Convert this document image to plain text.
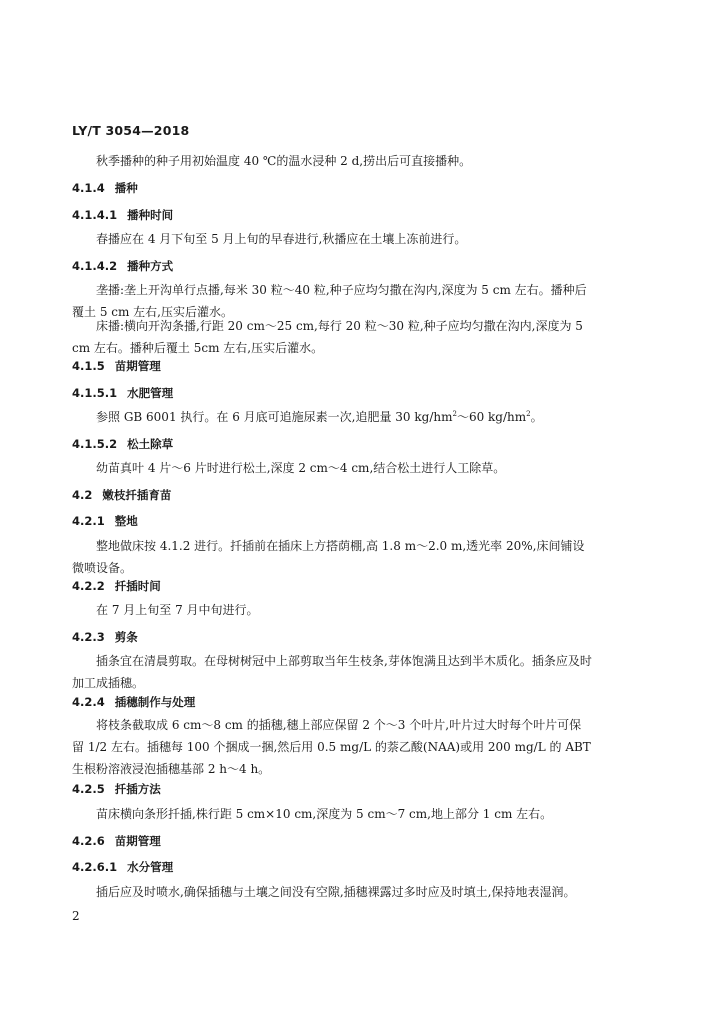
LY/T 3054—2018
秋季播种的种子用初始温度 40 ℃的温水浸种 2 d,捞出后可直接播种。
4.1.4 播种
4.1.4.1 播种时间
春播应在 4 月下旬至 5 月上旬的早春进行,秋播应在土壤上冻前进行。
4.1.4.2 播种方式
垄播:垄上开沟单行点播,每米 30 粒～40 粒,种子应均匀撒在沟内,深度为 5 cm 左右。播种后覆土 5 cm 左右,压实后灌水。
床播:横向开沟条播,行距 20 cm～25 cm,每行 20 粒～30 粒,种子应均匀撒在沟内,深度为 5 cm 左右。播种后覆土 5cm 左右,压实后灌水。
4.1.5 苗期管理
4.1.5.1 水肥管理
参照 GB 6001 执行。在 6 月底可追施尿素一次,追肥量 30 $kg/hm^2\sim 60$ $kg/hm^2$。
4.1.5.2 松土除草
幼苗真叶 4 片～6 片时进行松土,深度 2 cm～4 cm,结合松土进行人工除草。
4.2 嫩枝扦插育苗
4.2.1 整地
整地做床按 4.1.2 进行。扦插前在插床上方搭荫棚,高 1.8 m～2.0 m,透光率 20%,床间铺设微喷设备。
4.2.2 扦插时间
在 7 月上旬至 7 月中旬进行。
4.2.3 剪条
插条宜在清晨剪取。在母树树冠中上部剪取当年生枝条,芽体饱满且达到半木质化。插条应及时加工成插穗。
4.2.4 插穗制作与处理
将枝条截取成 6 cm～8 cm 的插穗,穗上部应保留 2 个～3 个叶片,叶片过大时每个叶片可保留 1/2 左右。插穗每 100 个捆成一捆,然后用 0.5 mg/L 的萘乙酸(NAA)或用 200 mg/L 的 ABT 生根粉溶液浸泡插穗基部 2 h～4 h。
4.2.5 扦插方法
苗床横向条形扦插,株行距 5 cm×10 cm,深度为 5 cm～7 cm,地上部分 1 cm 左右。
4.2.6 苗期管理
4.2.6.1 水分管理
插后应及时喷水,确保插穗与土壤之间没有空隙,插穗裸露过多时应及时填土,保持地表湿润。
2
